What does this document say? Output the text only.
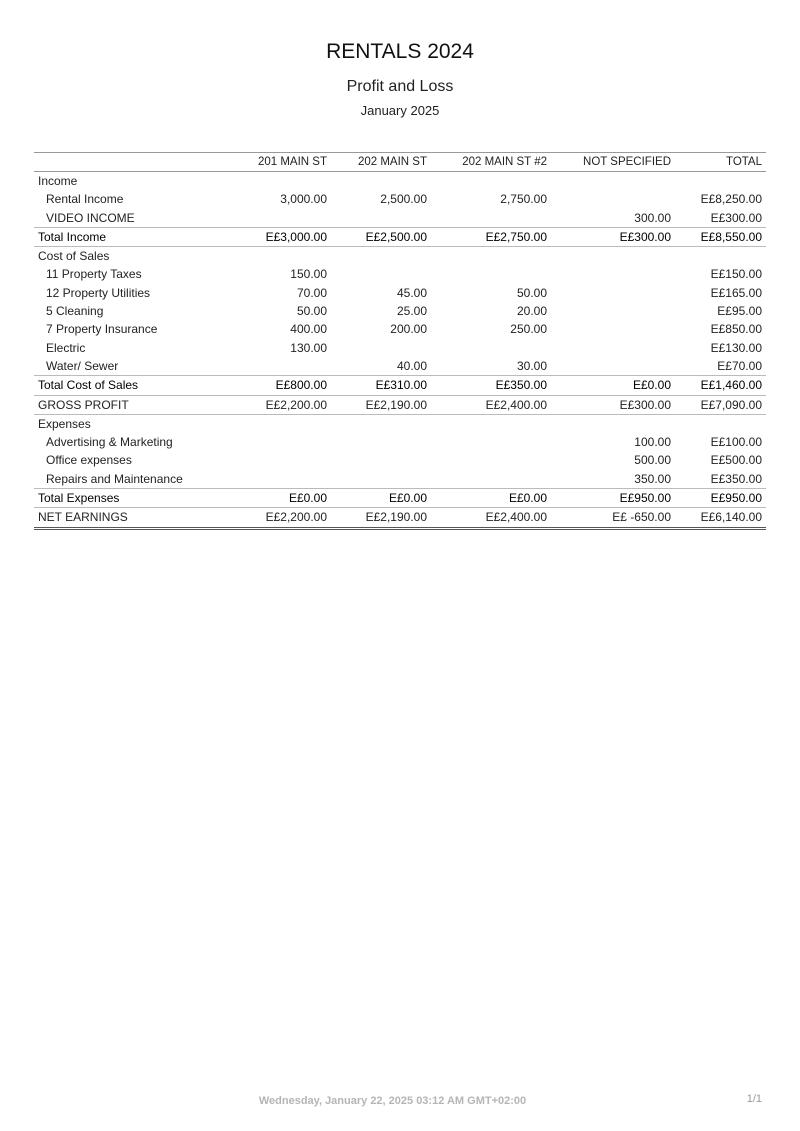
RENTALS 2024
Profit and Loss
January 2025
	201 MAIN ST	202 MAIN ST	202 MAIN ST #2	NOT SPECIFIED	TOTAL
Income					
Rental Income	3,000.00	2,500.00	2,750.00		E£8,250.00
VIDEO INCOME				300.00	E£300.00
Total Income	E£3,000.00	E£2,500.00	E£2,750.00	E£300.00	E£8,550.00
Cost of Sales					
11 Property Taxes	150.00				E£150.00
12 Property Utilities	70.00	45.00	50.00		E£165.00
5 Cleaning	50.00	25.00	20.00		E£95.00
7 Property Insurance	400.00	200.00	250.00		E£850.00
Electric	130.00				E£130.00
Water/ Sewer		40.00	30.00		E£70.00
Total Cost of Sales	E£800.00	E£310.00	E£350.00	E£0.00	E£1,460.00
GROSS PROFIT	E£2,200.00	E£2,190.00	E£2,400.00	E£300.00	E£7,090.00
Expenses					
Advertising & Marketing				100.00	E£100.00
Office expenses				500.00	E£500.00
Repairs and Maintenance				350.00	E£350.00
Total Expenses	E£0.00	E£0.00	E£0.00	E£950.00	E£950.00
NET EARNINGS	E£2,200.00	E£2,190.00	E£2,400.00	E£ -650.00	E£6,140.00
Wednesday, January 22, 2025 03:12 AM GMT+02:00	1/1
